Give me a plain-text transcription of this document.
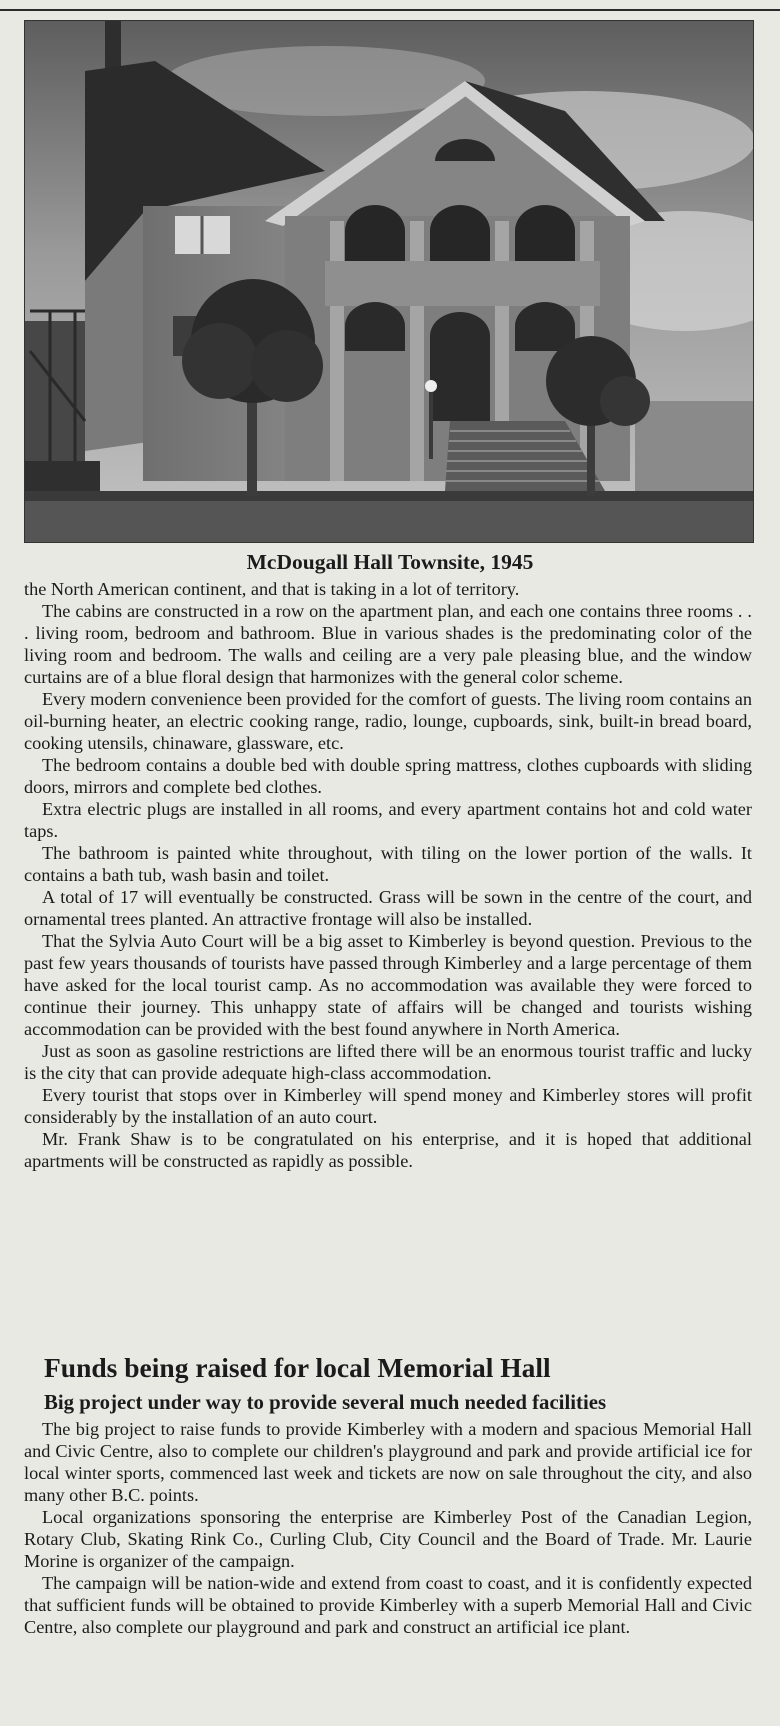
McDougall Hall Townsite, 1945

the North American continent, and that is taking in a lot of territory.

The cabins are constructed in a row on the apartment plan, and each one contains three rooms . . . living room, bedroom and bathroom. Blue in various shades is the predominating color of the living room and bedroom. The walls and ceiling are a very pale pleasing blue, and the window curtains are of a blue floral design that harmonizes with the general color scheme.

Every modern convenience been provided for the comfort of guests. The living room contains an oil-burning heater, an electric cooking range, radio, lounge, cupboards, sink, built-in bread board, cooking utensils, chinaware, glassware, etc.

The bedroom contains a double bed with double spring mattress, clothes cupboards with sliding doors, mirrors and complete bed clothes.

Extra electric plugs are installed in all rooms, and every apartment contains hot and cold water taps.

The bathroom is painted white throughout, with tiling on the lower portion of the walls. It contains a bath tub, wash basin and toilet.

A total of 17 will eventually be constructed. Grass will be sown in the centre of the court, and ornamental trees planted. An attractive frontage will also be installed.

That the Sylvia Auto Court will be a big asset to Kimberley is beyond question. Previous to the past few years thousands of tourists have passed through Kimberley and a large percentage of them have asked for the local tourist camp. As no accommodation was available they were forced to continue their journey. This unhappy state of affairs will be changed and tourists wishing accommodation can be provided with the best found anywhere in North America.

Just as soon as gasoline restrictions are lifted there will be an enormous tourist traffic and lucky is the city that can provide adequate high-class accommodation.

Every tourist that stops over in Kimberley will spend money and Kimberley stores will profit considerably by the installation of an auto court.

Mr. Frank Shaw is to be congratulated on his enterprise, and it is hoped that additional apartments will be constructed as rapidly as possible.

Funds being raised for local Memorial Hall
Big project under way to provide several much needed facilities

The big project to raise funds to provide Kimberley with a modern and spacious Memorial Hall and Civic Centre, also to complete our children's playground and park and provide artificial ice for local winter sports, commenced last week and tickets are now on sale throughout the city, and also many other B.C. points.

Local organizations sponsoring the enterprise are Kimberley Post of the Canadian Legion, Rotary Club, Skating Rink Co., Curling Club, City Council and the Board of Trade. Mr. Laurie Morine is organizer of the campaign.

The campaign will be nation-wide and extend from coast to coast, and it is confidently expected that sufficient funds will be obtained to provide Kimberley with a superb Memorial Hall and Civic Centre, also complete our playground and park and construct an artificial ice plant.
